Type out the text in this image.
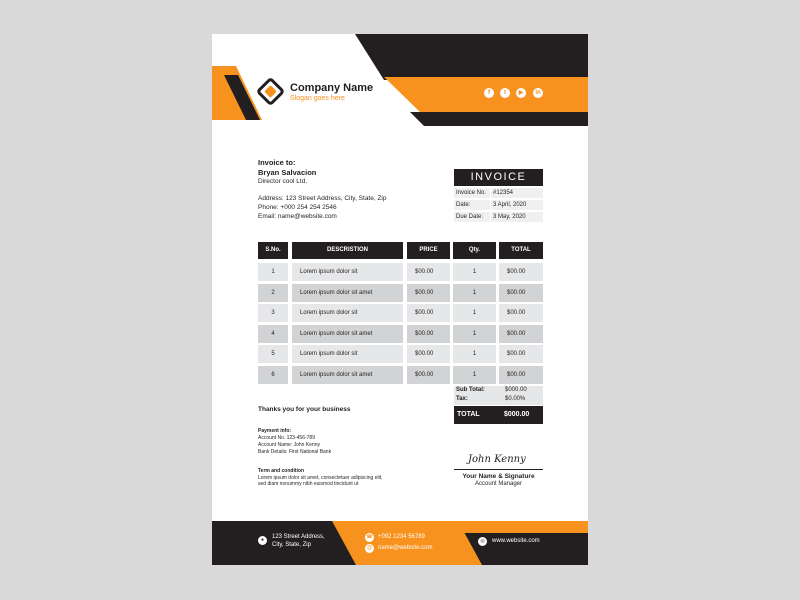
Company Name
Slogan goes here
f	t	▶	in
Invoice to:
Bryan Salvacion
Director cool Ltd.
Address: 123 Street Address, City, State, Zip
Phone: +000 254 254 2546
Email: name@website.com
INVOICE
Invoice No.	#12354
Date:	3 April, 2020
Due Date:	3 May, 2020
S.No.	DESCRISTION	PRICE	Qty.	TOTAL
1	Lorem ipsum dolor sit	$00.00	1	$00.00
2	Lorem ipsum dolor sit amet	$00.00	1	$00.00
3	Lorem ipsum dolor sit	$00.00	1	$00.00
4	Lorem ipsum dolor sit amet	$00.00	1	$00.00
5	Lorem ipsum dolor sit	$00.00	1	$00.00
6	Lorem ipsum dolor sit amet	$00.00	1	$00.00
Sub Total:	$000.00
Tax:	$0.00%
TOTAL	$000.00
Thanks you for your business
Payment info:
Account No. 123-456-789
Account Name: John Kenny
Bank Details: First National Bank
Term and condition
Lorem ipsum dolor sit amet, consectetuer adipiscing elit,
sed diam nonummy nibh euismod tincidunt ut
John Kenny
Your Name & Signature
Account Manager
●	123 Street Address,
City, State, Zip
☎ +092 1234 56789
@ name@website.com
◎	www.website.com
